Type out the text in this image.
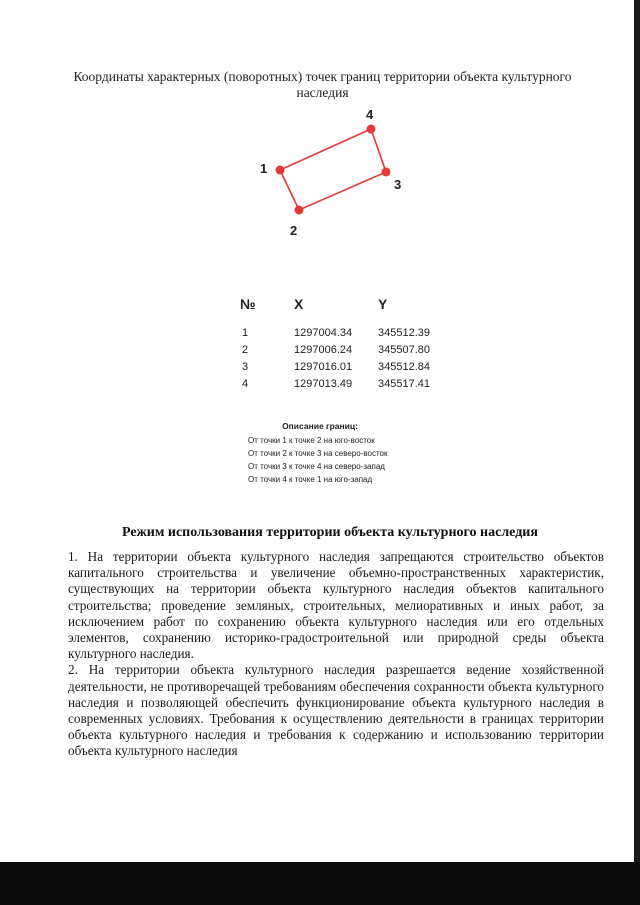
Координаты характерных (поворотных) точек границ территории объекта культурного наследия
1
2
3
4
№	X	Y
1	1297004.34	345512.39
2	1297006.24	345507.80
3	1297016.01	345512.84
4	1297013.49	345517.41
Описание границ:
От точки 1 к точке 2 на юго-восток
От точки 2 к точке 3 на северо-восток
От точки 3 к точке 4 на северо-запад
От точки 4 к точке 1 на юго-запад
Режим использования территории объекта культурного наследия

1. На территории объекта культурного наследия запрещаются строительство объектов капитального строительства и увеличение объемно-пространственных характеристик, существующих на территории объекта культурного наследия объектов капитального строительства; проведение земляных, строительных, мелиоративных и иных работ, за исключением работ по сохранению объекта культурного наследия или его отдельных элементов, сохранению историко-градостроительной или природной среды объекта культурного наследия.

2. На территории объекта культурного наследия разрешается ведение хозяйственной деятельности, не противоречащей требованиям обеспечения сохранности объекта культурного наследия и позволяющей обеспечить функционирование объекта культурного наследия в современных условиях. Требования к осуществлению деятельности в границах территории объекта культурного наследия и требования к содержанию и использованию территории объекта культурного наследия
